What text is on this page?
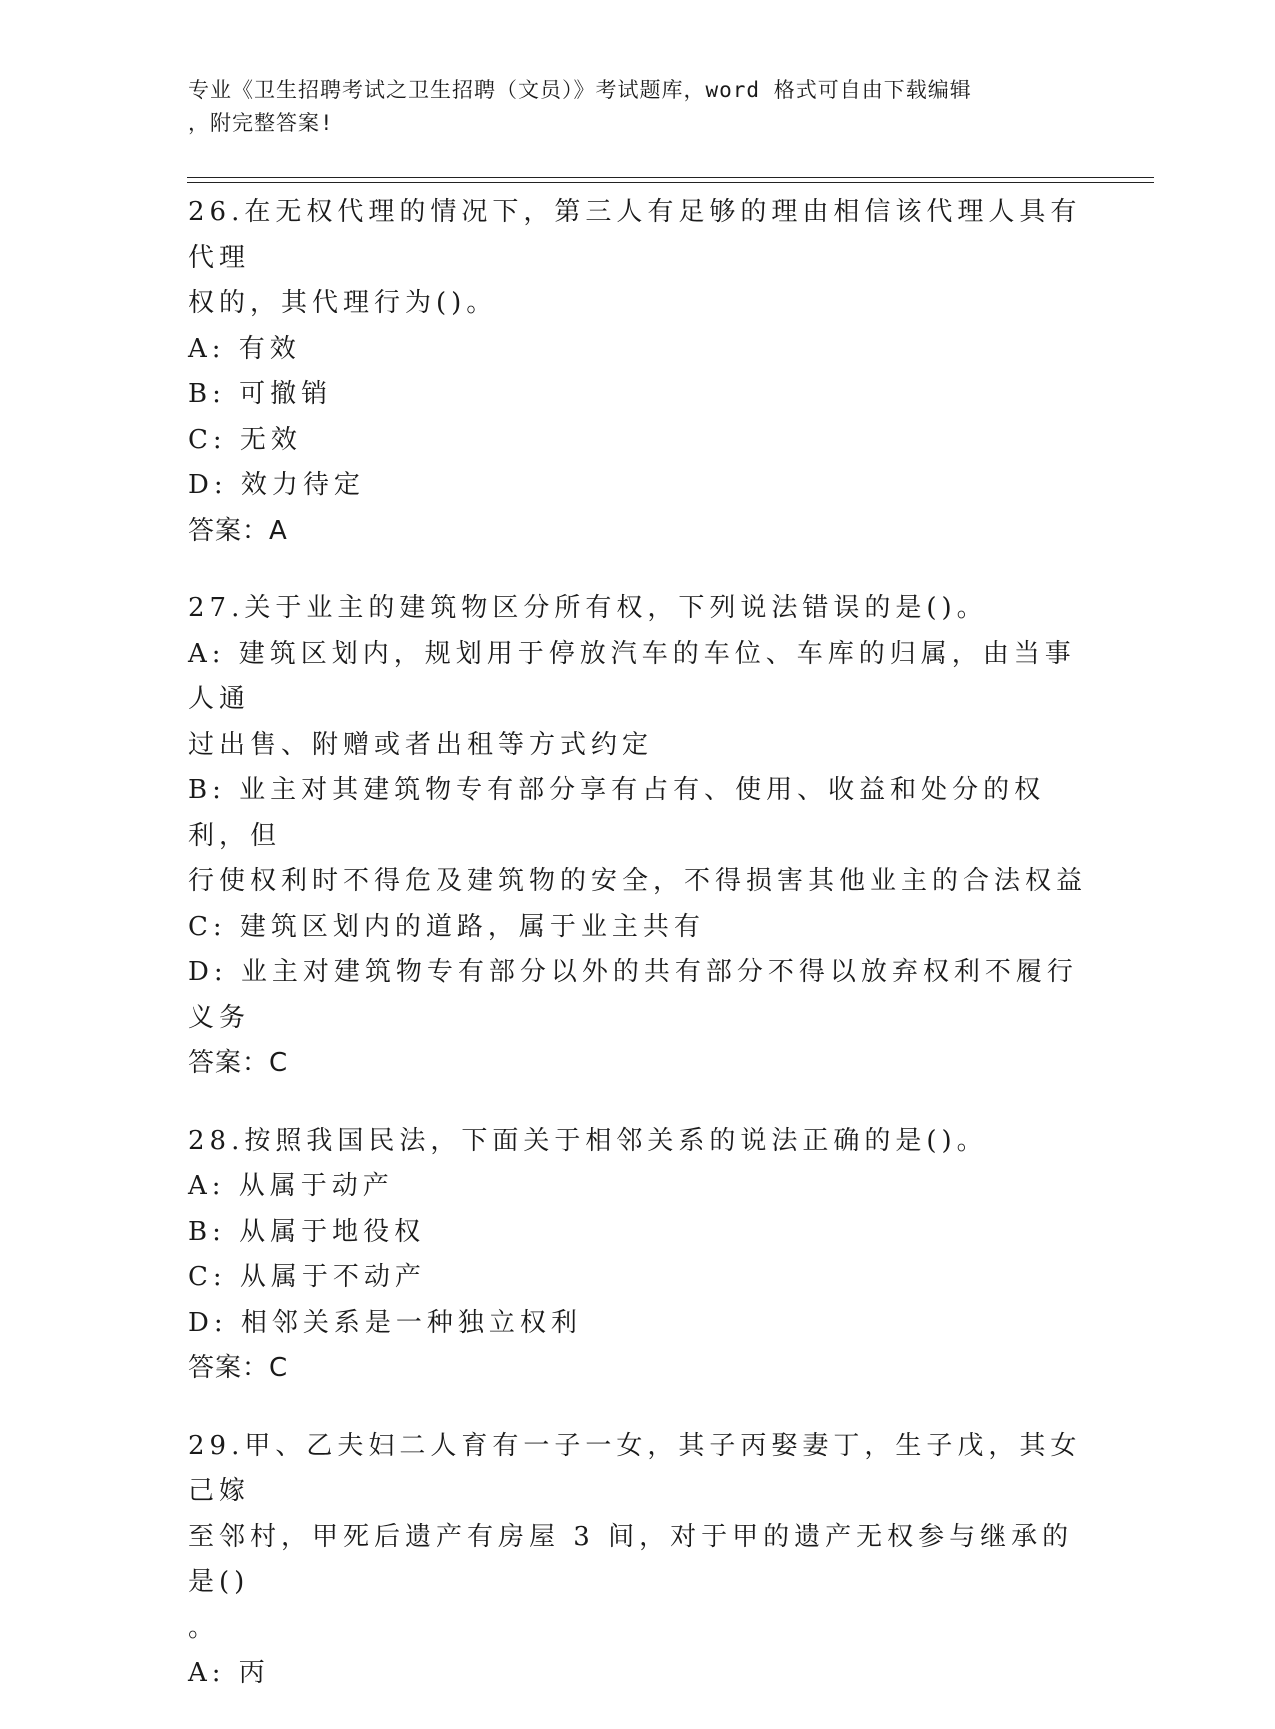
专业《卫生招聘考试之卫生招聘（文员）》考试题库，word 格式可自由下载编辑
，附完整答案!
26.在无权代理的情况下，第三人有足够的理由相信该代理人具有代理
权的，其代理行为()。
A: 有效
B: 可撤销
C: 无效
D: 效力待定
答案：A
27.关于业主的建筑物区分所有权，下列说法错误的是()。
A: 建筑区划内，规划用于停放汽车的车位、车库的归属，由当事人通
过出售、附赠或者出租等方式约定
B: 业主对其建筑物专有部分享有占有、使用、收益和处分的权利，但
行使权利时不得危及建筑物的安全，不得损害其他业主的合法权益
C: 建筑区划内的道路，属于业主共有
D: 业主对建筑物专有部分以外的共有部分不得以放弃权利不履行义务
答案：C
28.按照我国民法，下面关于相邻关系的说法正确的是()。
A: 从属于动产
B: 从属于地役权
C: 从属于不动产
D: 相邻关系是一种独立权利
答案：C
29.甲、乙夫妇二人育有一子一女，其子丙娶妻丁，生子戊，其女己嫁
至邻村，甲死后遗产有房屋 3 间，对于甲的遗产无权参与继承的是()
。
A: 丙
